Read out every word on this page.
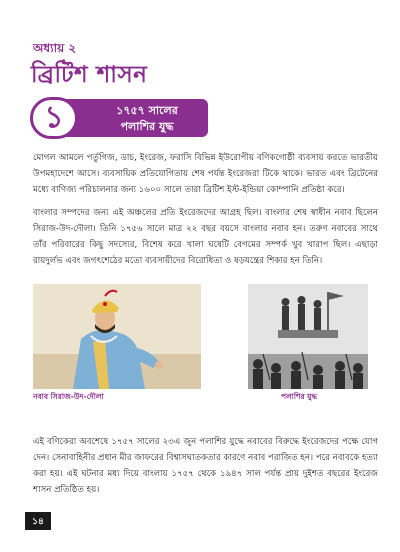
অধ্যায় ২
ব্রিটিশ শাসন
১	১৭৫৭ সালের
পলাশির যুদ্ধ

মোগল আমলে পর্তুগিজ, ডাচ, ইংরেজ, ফরাসি বিভিন্ন ইউরোপীয় বণিকগোষ্ঠী ব্যবসায় করতে ভারতীয় উপমহাদেশে আসে। ব্যবসায়িক প্রতিযোগিতায় শেষ পর্যন্ত ইংরেজরা টিকে থাকে। ভারত এবং ব্রিটেনের মধ্যে বাণিজ্য পরিচালনার জন্য ১৬০০ সালে তারা ব্রিটিশ ইস্ট-ইন্ডিয়া কোম্পানি প্রতিষ্ঠা করে।

বাংলার সম্পদের জন্য এই অঞ্চলের প্রতি ইংরেজদের আগ্রহ ছিল। বাংলার শেষ স্বাধীন নবাব ছিলেন সিরাজ-উদ-দৌলা। তিনি ১৭৫৬ সালে মাত্র ২২ বছর বয়সে বাংলার নবাব হন। তরুণ নবাবের সাথে তাঁর পরিবারের কিছু সদস্যের, বিশেষ করে খালা ঘষেটি বেগমের সম্পর্ক খুব খারাপ ছিল। এছাড়া রায়দুর্লভ এবং জগৎশেঠের মতো ব্যবসায়ীদের বিরোধিতা ও ষড়যন্ত্রের শিকার হন তিনি।

নবাব সিরাজ-উদ-দৌলা	পলাশির যুদ্ধ

এই বণিকেরা অবশেষে ১৭৫৭ সালের ২৩এ জুন পলাশির যুদ্ধে নবাবের বিরুদ্ধে ইংরেজদের পক্ষে যোগ দেন। সেনাবাহিনীর প্রধান মীর জাফরের বিশ্বাসঘাতকতার কারণে নবাব পরাজিত হন। পরে নবাবকে হত্যা করা হয়। এই ঘটনার মধ্য দিয়ে বাংলায় ১৭৫৭ থেকে ১৯৪৭ সাল পর্যন্ত প্রায় দুইশত বছরের ইংরেজ শাসন প্রতিষ্ঠিত হয়।

১৪
